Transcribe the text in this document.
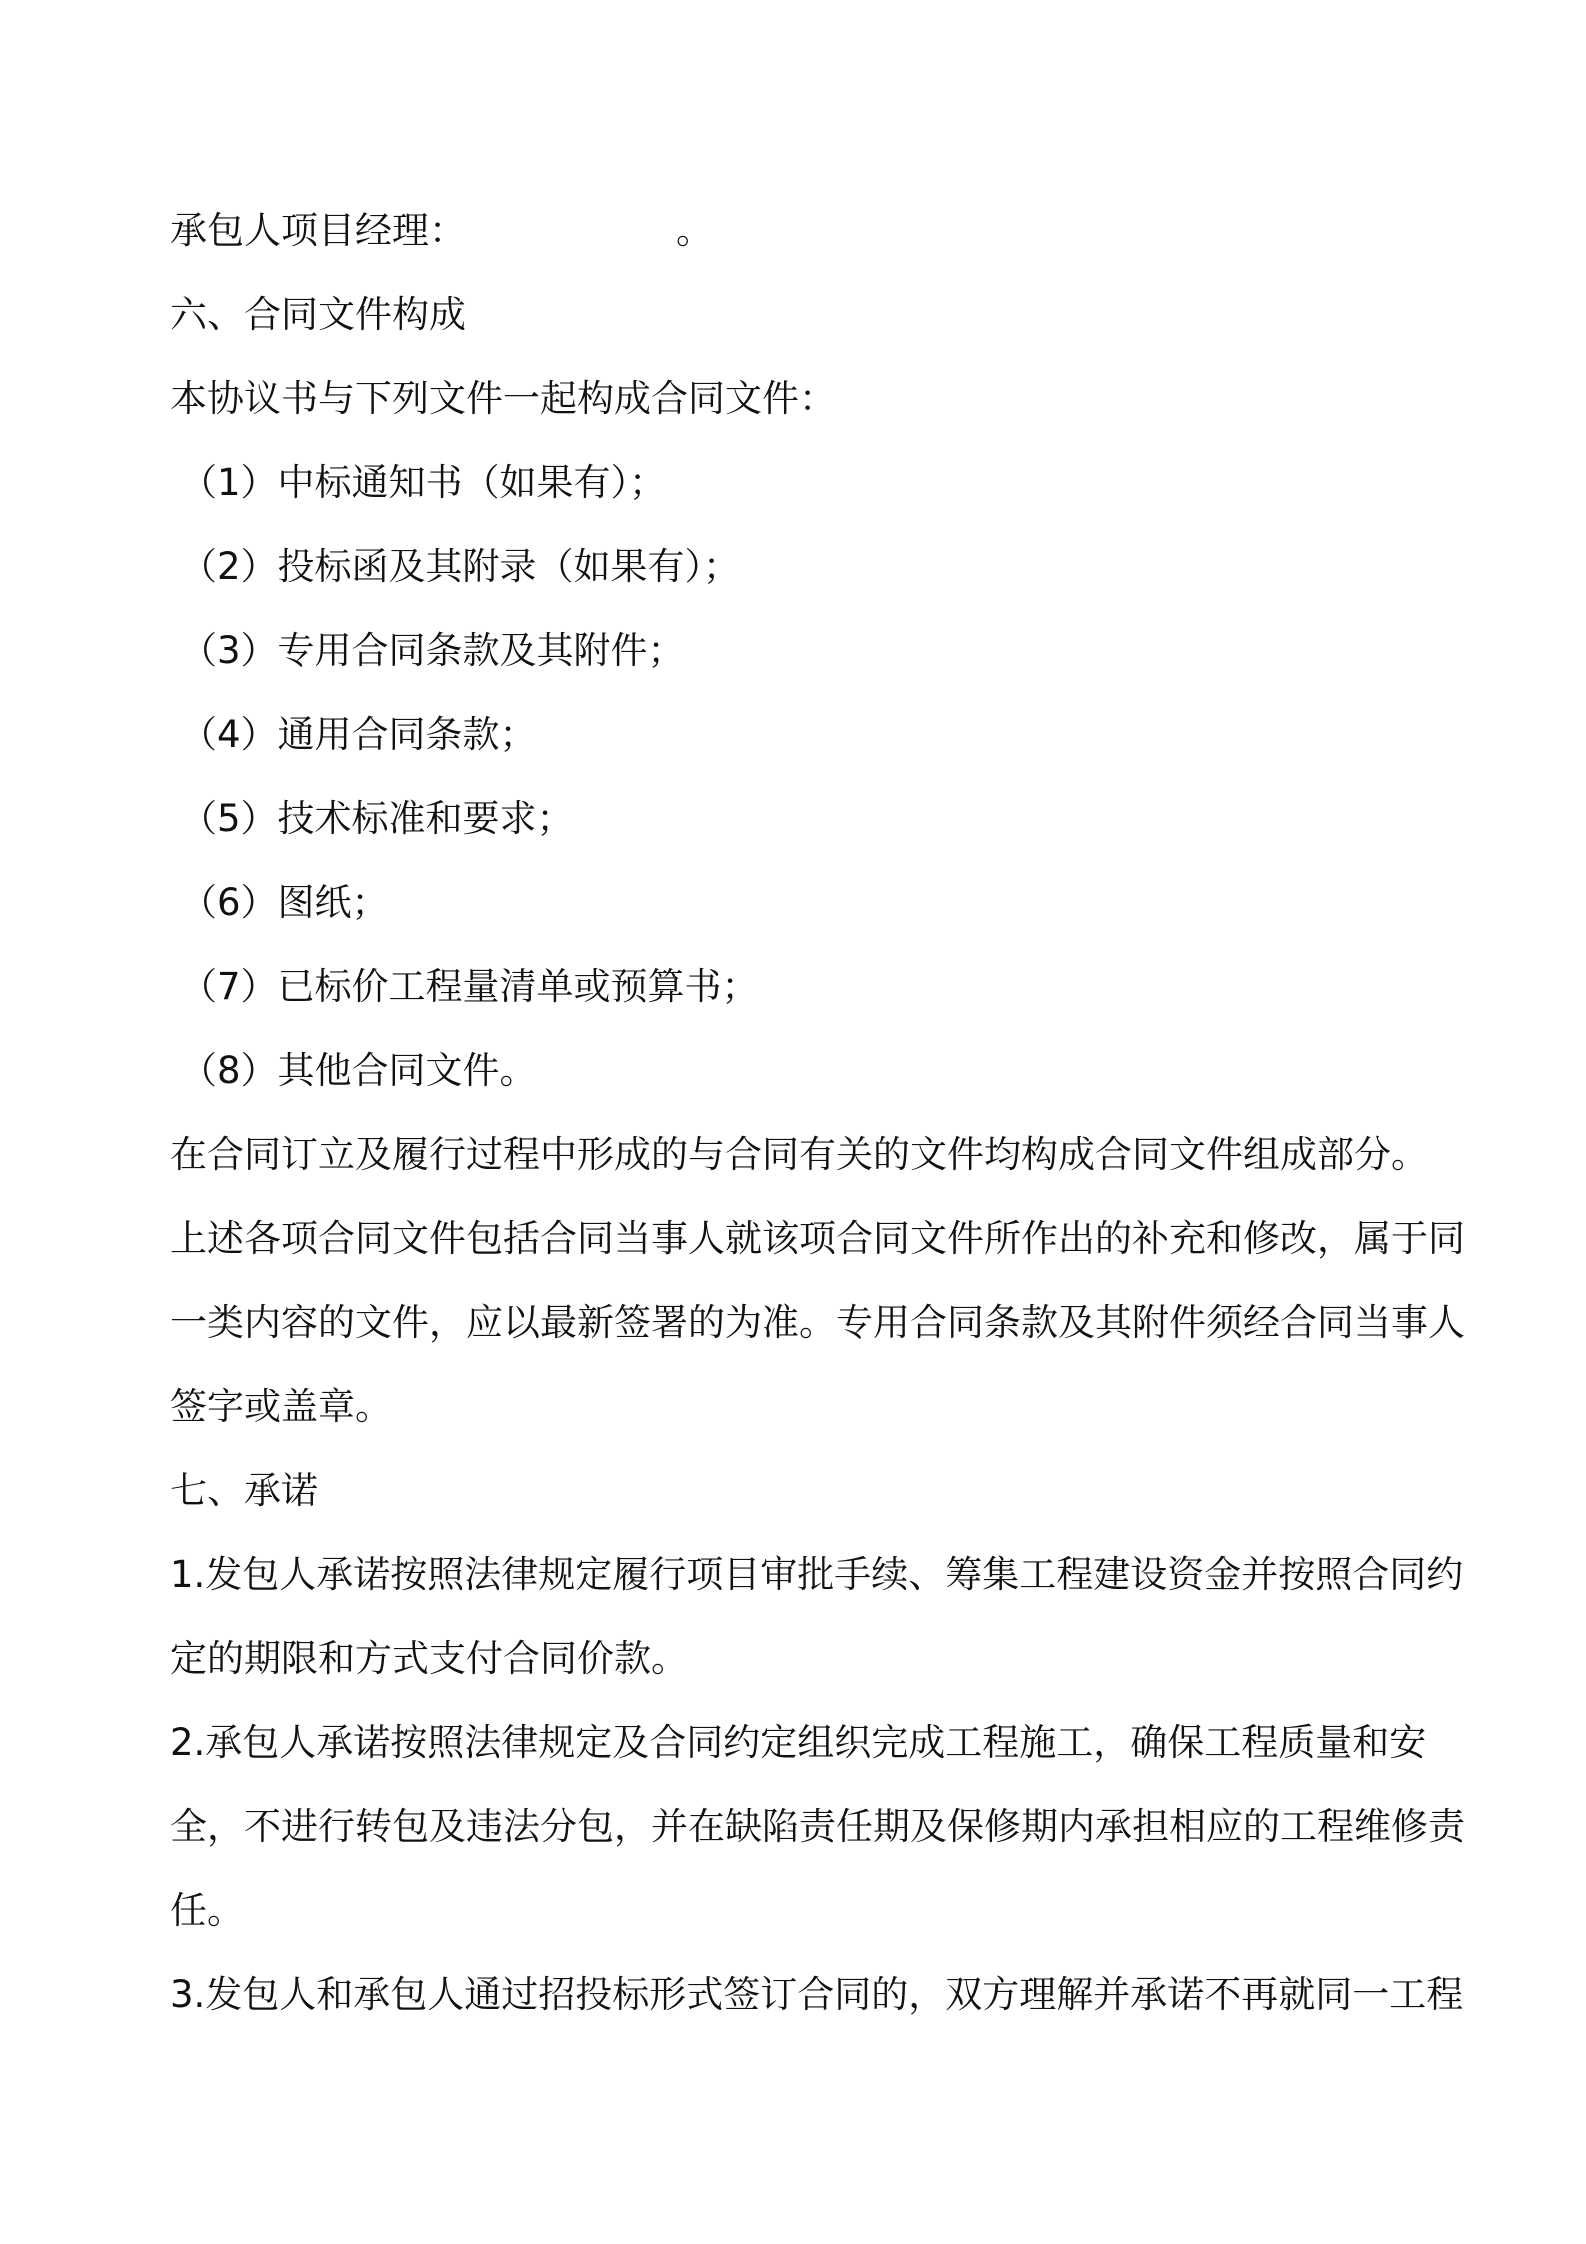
承包人项目经理：	。
六、合同文件构成
本协议书与下列文件一起构成合同文件：
（1）中标通知书（如果有）；
（2）投标函及其附录（如果有）；
（3）专用合同条款及其附件；
（4）通用合同条款；
（5）技术标准和要求；
（6）图纸；
（7）已标价工程量清单或预算书；
（8）其他合同文件。
在合同订立及履行过程中形成的与合同有关的文件均构成合同文件组成部分。
上述各项合同文件包括合同当事人就该项合同文件所作出的补充和修改，属于同
一类内容的文件，应以最新签署的为准。专用合同条款及其附件须经合同当事人
签字或盖章。
七、承诺
1.发包人承诺按照法律规定履行项目审批手续、筹集工程建设资金并按照合同约
定的期限和方式支付合同价款。
2.承包人承诺按照法律规定及合同约定组织完成工程施工，确保工程质量和安
全，不进行转包及违法分包，并在缺陷责任期及保修期内承担相应的工程维修责
任。
3.发包人和承包人通过招投标形式签订合同的，双方理解并承诺不再就同一工程
